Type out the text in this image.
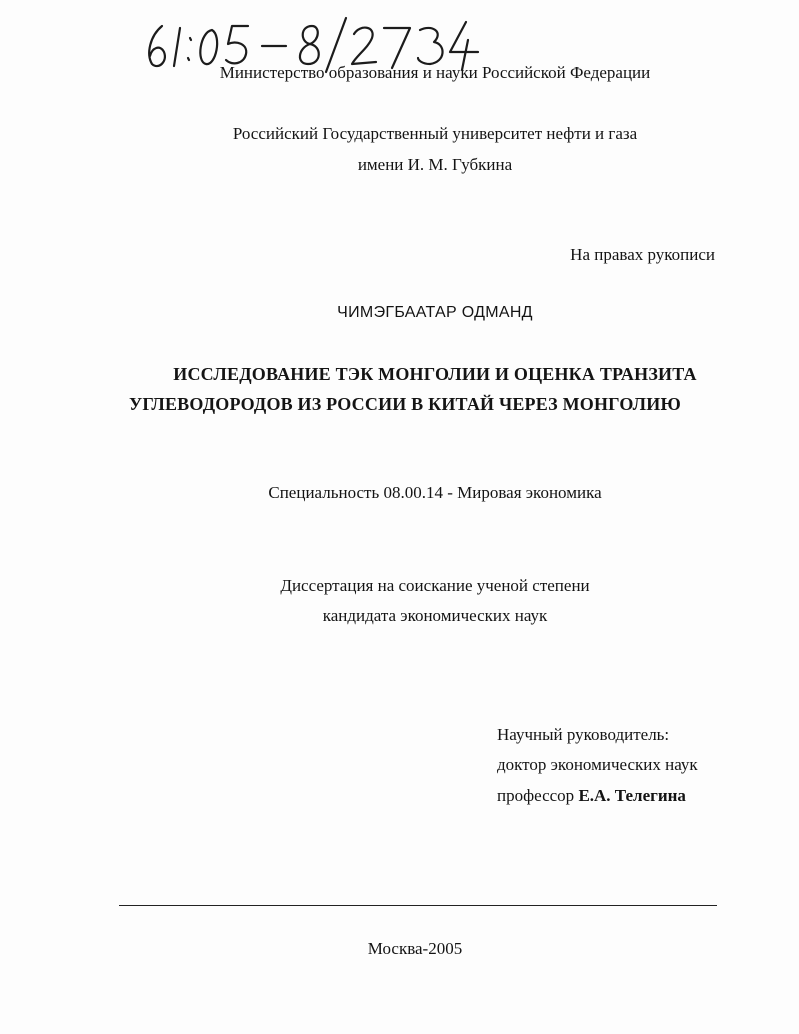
Министерство образования и науки Российской Федерации
Российский Государственный университет нефти и газа
имени И. М. Губкина
На правах рукописи
ЧИМЭГБААТАР ОДМАНД
ИССЛЕДОВАНИЕ ТЭК МОНГОЛИИ И ОЦЕНКА ТРАНЗИТА
УГЛЕВОДОРОДОВ ИЗ РОССИИ В КИТАЙ ЧЕРЕЗ МОНГОЛИЮ
Специальность 08.00.14 - Мировая экономика
Диссертация на соискание ученой степени
кандидата экономических наук
Научный руководитель:
доктор экономических наук
профессор Е.А. Телегина
Москва-2005
